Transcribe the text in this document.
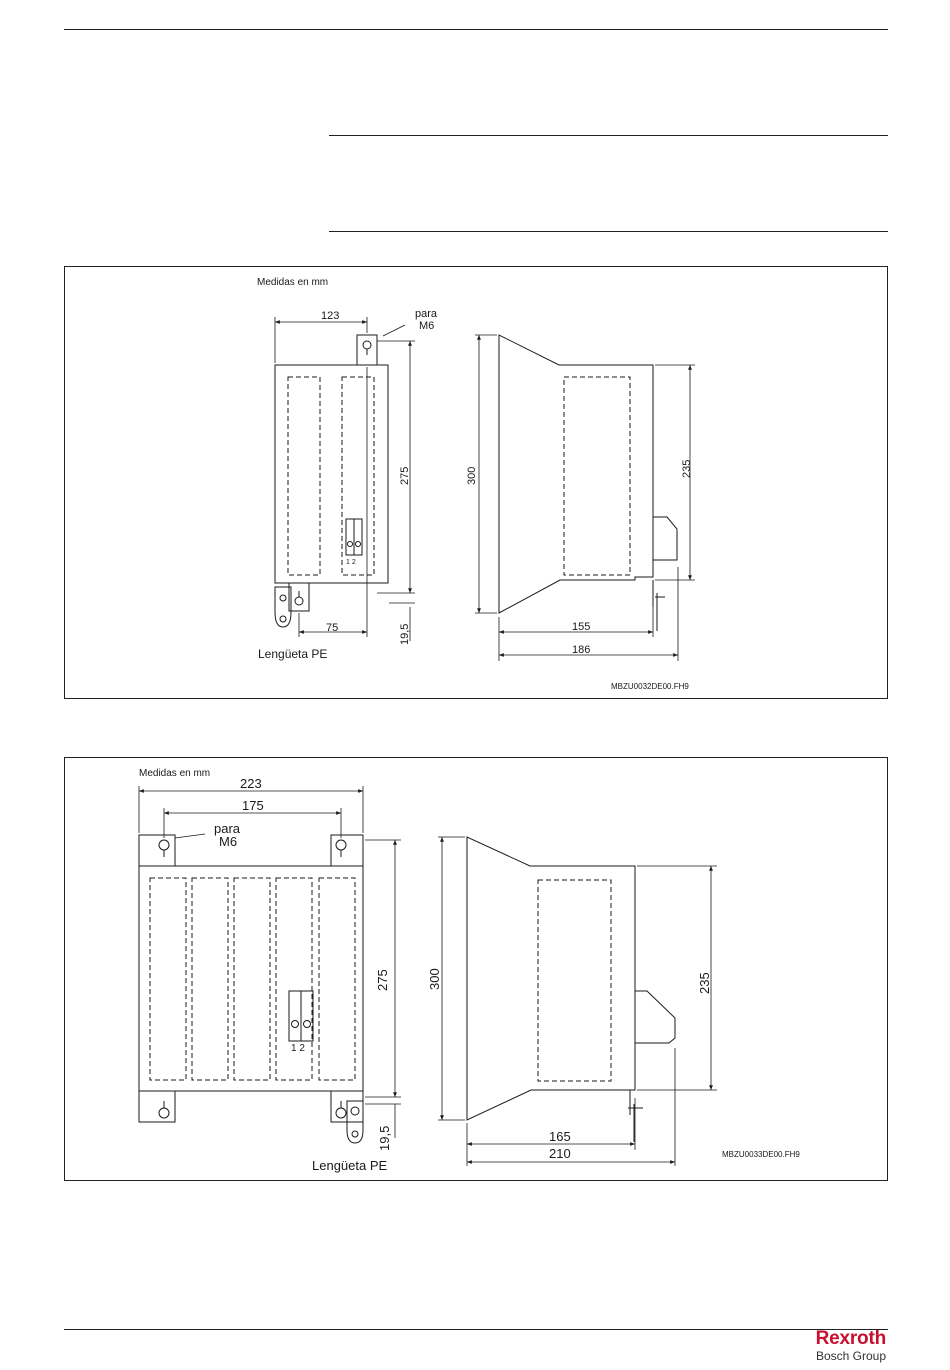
Medidas en mm
1 2
123	para
M6
275
75	19,5
Lengüeta PE
300	235
155
186
MBZU0032DE00.FH9
Medidas en mm
1 2
223
175
para
M6
275
19,5
Lengüeta PE
300	235
165
210	MBZU0033DE00.FH9
Rexroth
Bosch Group
